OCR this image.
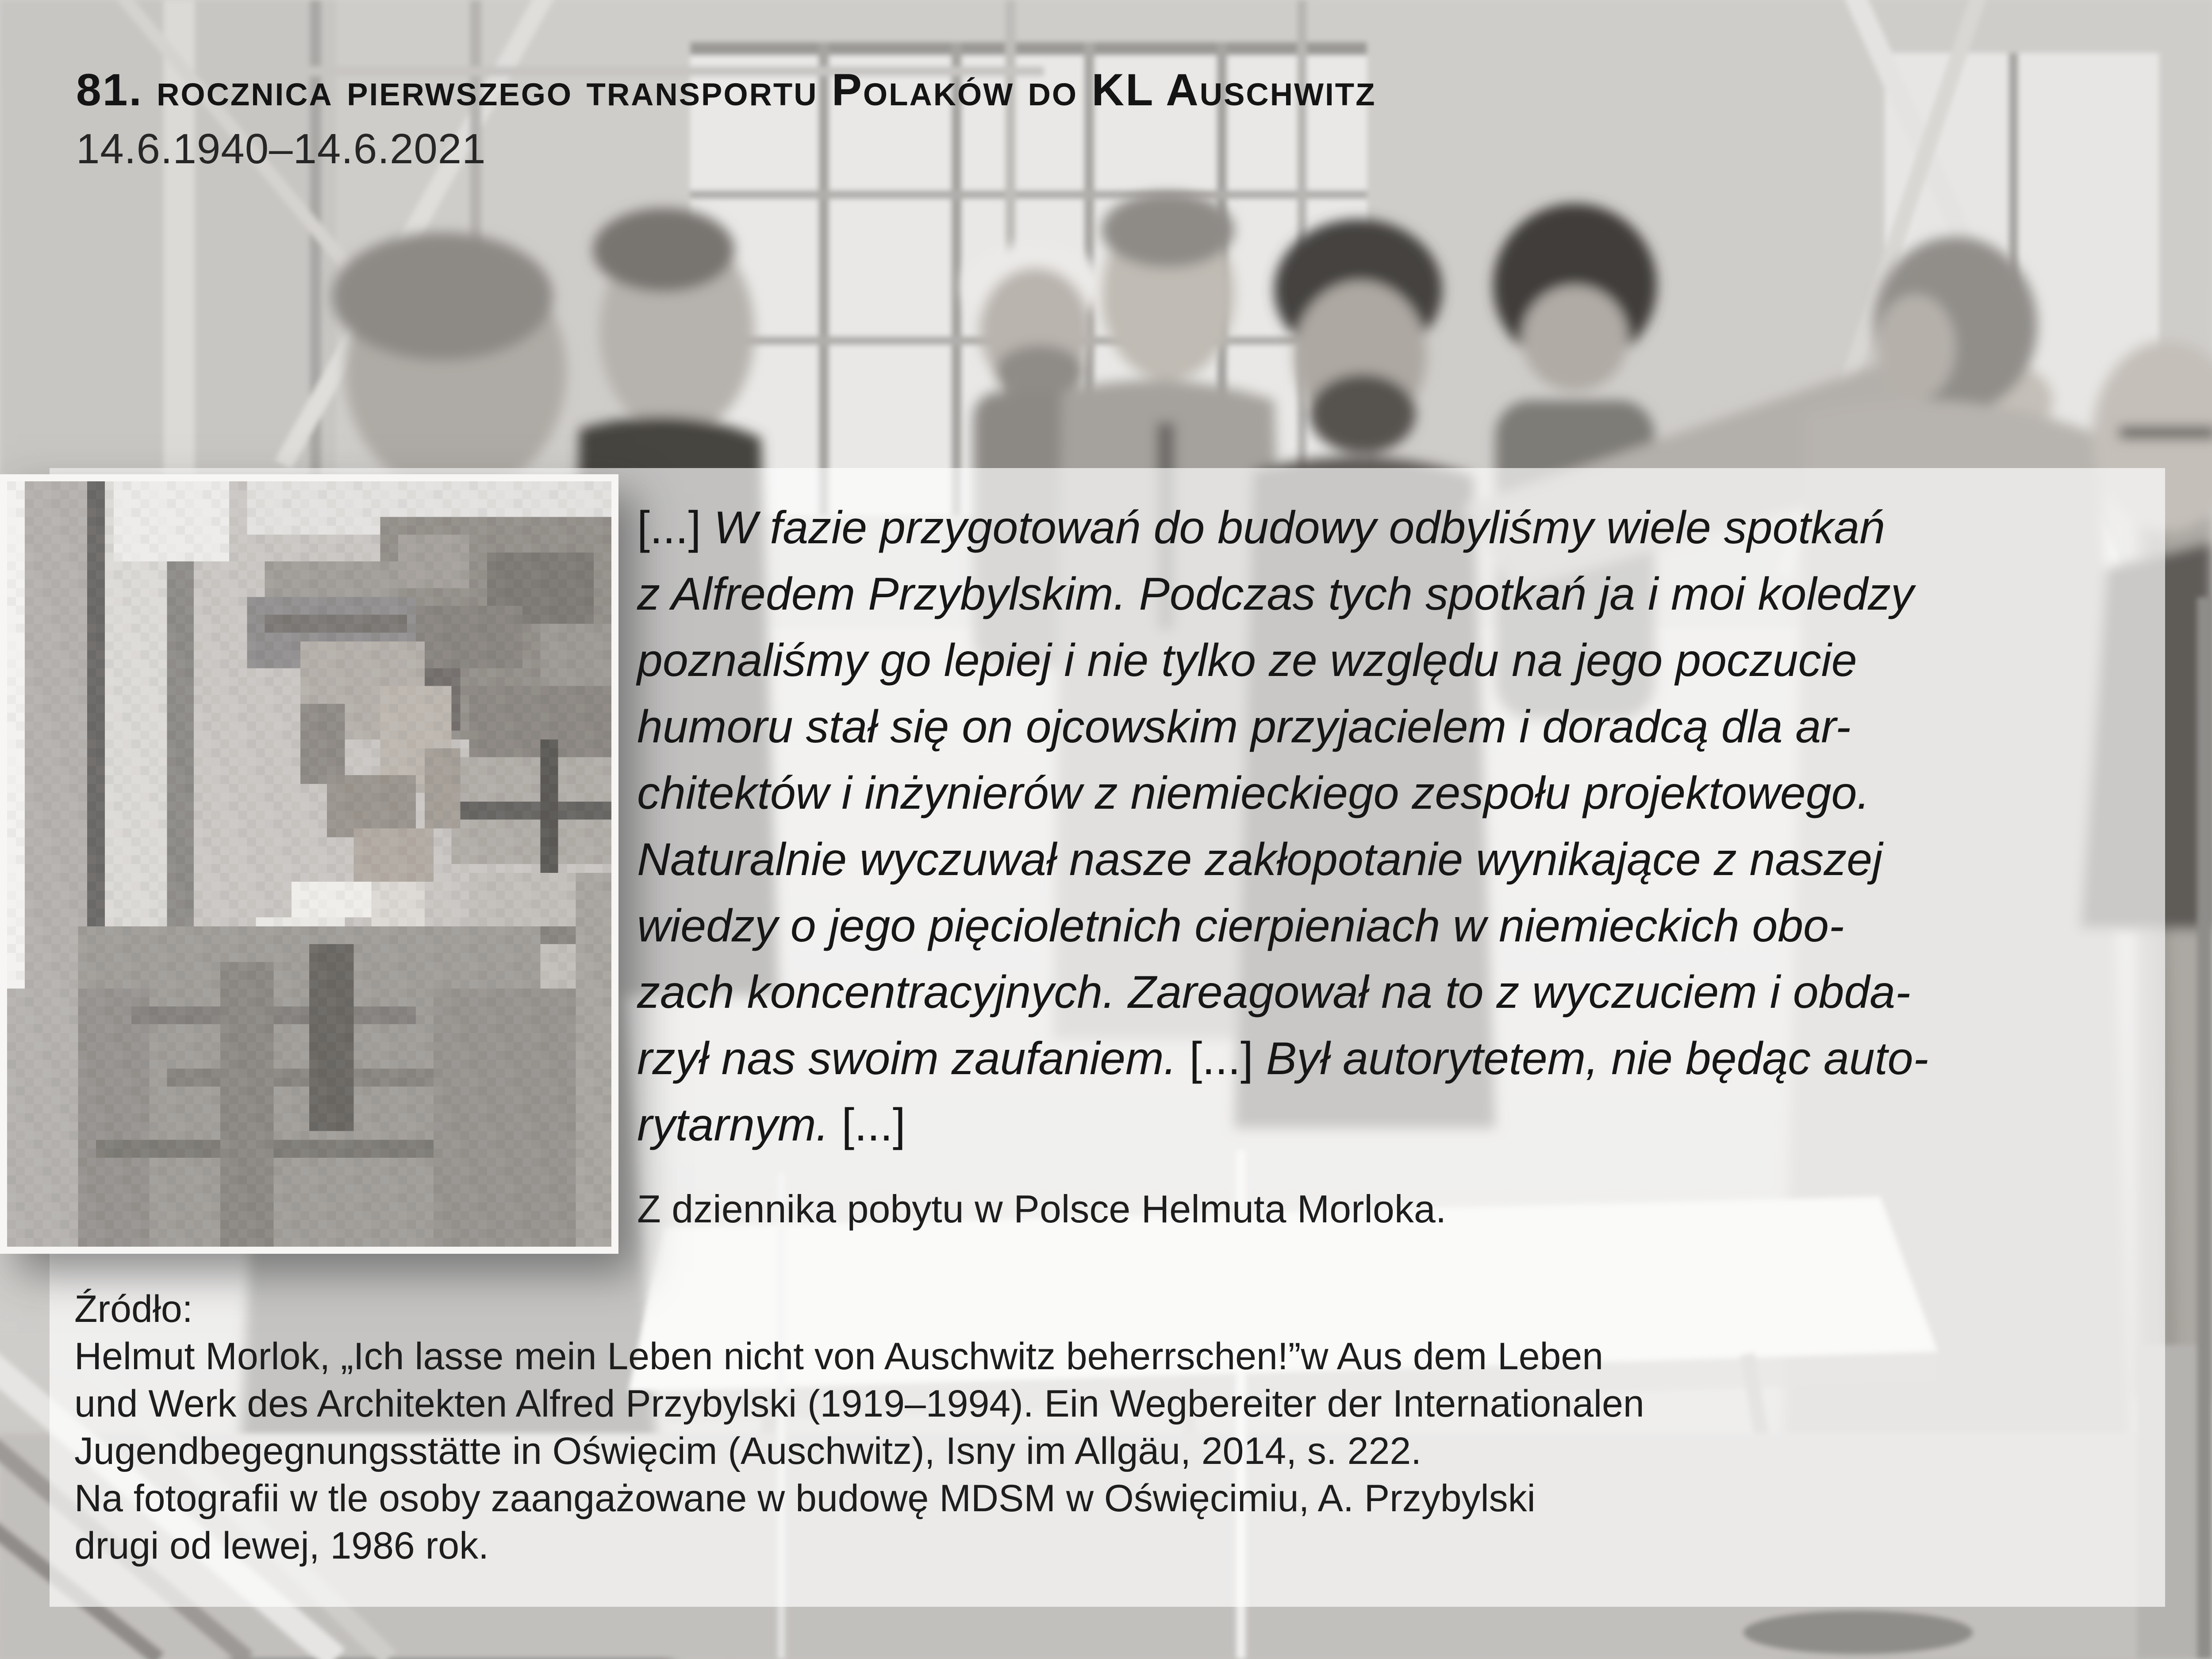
81. rocznica pierwszego transportu Polaków do KL Auschwitz
14.6.1940–14.6.2021
[...] W fazie przygotowań do budowy odbyliśmy wiele spotkań
z Alfredem Przybylskim. Podczas tych spotkań ja i moi koledzy
poznaliśmy go lepiej i nie tylko ze względu na jego poczucie
humoru stał się on ojcowskim przyjacielem i doradcą dla ar-
chitektów i inżynierów z niemieckiego zespołu projektowego.
Naturalnie wyczuwał nasze zakłopotanie wynikające z naszej
wiedzy o jego pięcioletnich cierpieniach w niemieckich obo-
zach koncentracyjnych. Zareagował na to z wyczuciem i obda-
rzył nas swoim zaufaniem. [...] Był autorytetem, nie będąc auto-
rytarnym. [...]
Z dziennika pobytu w Polsce Helmuta Morloka.
Źródło:
Helmut Morlok, „Ich lasse mein Leben nicht von Auschwitz beherrschen!”w Aus dem Leben
und Werk des Architekten Alfred Przybylski (1919–1994). Ein Wegbereiter der Internationalen
Jugendbegegnungsstätte in Oświęcim (Auschwitz), Isny im Allgäu, 2014, s. 222.
Na fotografii w tle osoby zaangażowane w budowę MDSM w Oświęcimiu, A. Przybylski
drugi od lewej, 1986 rok.
